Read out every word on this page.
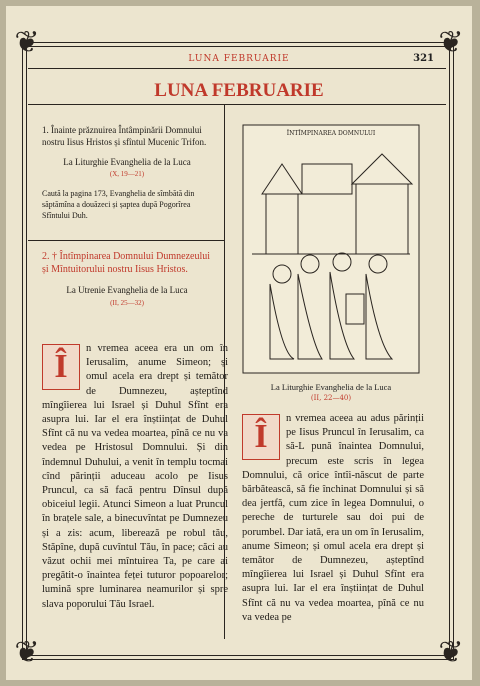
❦	❦
❦	❦
LUNA FEBRUARIE	321
LUNA FEBRUARIE
1. Înainte prăznuirea Întâmpinării Domnului nostru Iisus Hristos și sfîntul Mucenic Trifon.
La Liturghie Evanghelia de la Luca
(X, 19—21)
Caută la pagina 173, Evanghelia de sîmbătă din săptămîna a douăzeci și șaptea după Pogorîrea Sfîntului Duh.
2. † Întîmpinarea Domnului Dumnezeului și Mîntuitorului nostru Iisus Hristos.
La Utrenie Evanghelia de la Luca
(II, 25—32)
Î	n vremea aceea era un om în Ierusalim, anume Simeon; și omul acela era drept și temător de Dumnezeu, așteptînd mîngîierea lui Israel și Duhul Sfînt era asupra lui. Iar el era înștiințat de Duhul Sfînt că nu va vedea moartea, pînă ce nu va vedea pe Hristosul Domnului. Și din îndemnul Duhului, a venit în templu tocmai cînd părinții aduceau acolo pe Iisus Pruncul, ca să facă pentru Dînsul după obiceiul legii. Atunci Simeon a luat Pruncul în brațele sale, a binecuvîntat pe Dumnezeu și a zis: acum, liberează pe robul tău, Stăpîne, după cuvîntul Tău, în pace; căci au văzut ochii mei mîntuirea Ta, pe care ai pregătit-o înaintea feței tuturor popoarelor; lumină spre luminarea neamurilor și spre slava poporului Tău Israel.
ÎNTÎMPINAREA DOMNULUI
La Liturghie Evanghelia de la Luca
(II, 22—40)
Î	n vremea aceea au adus părinții pe Iisus Pruncul în Ierusalim, ca să-L pună înaintea Domnului, precum este scris în legea Domnului, că orice întîi-născut de parte bărbătească, să fie închinat Domnului și să dea jertfă, cum zice în legea Domnului, o pereche de turturele sau doi pui de porumbel. Dar iată, era un om în Ierusalim, anume Simeon; și omul acela era drept și temător de Dumnezeu, așteptînd mîngîierea lui Israel și Duhul Sfînt era asupra lui. Iar el era înștiințat de Duhul Sfînt că nu va vedea moartea, pînă ce nu va vedea pe
